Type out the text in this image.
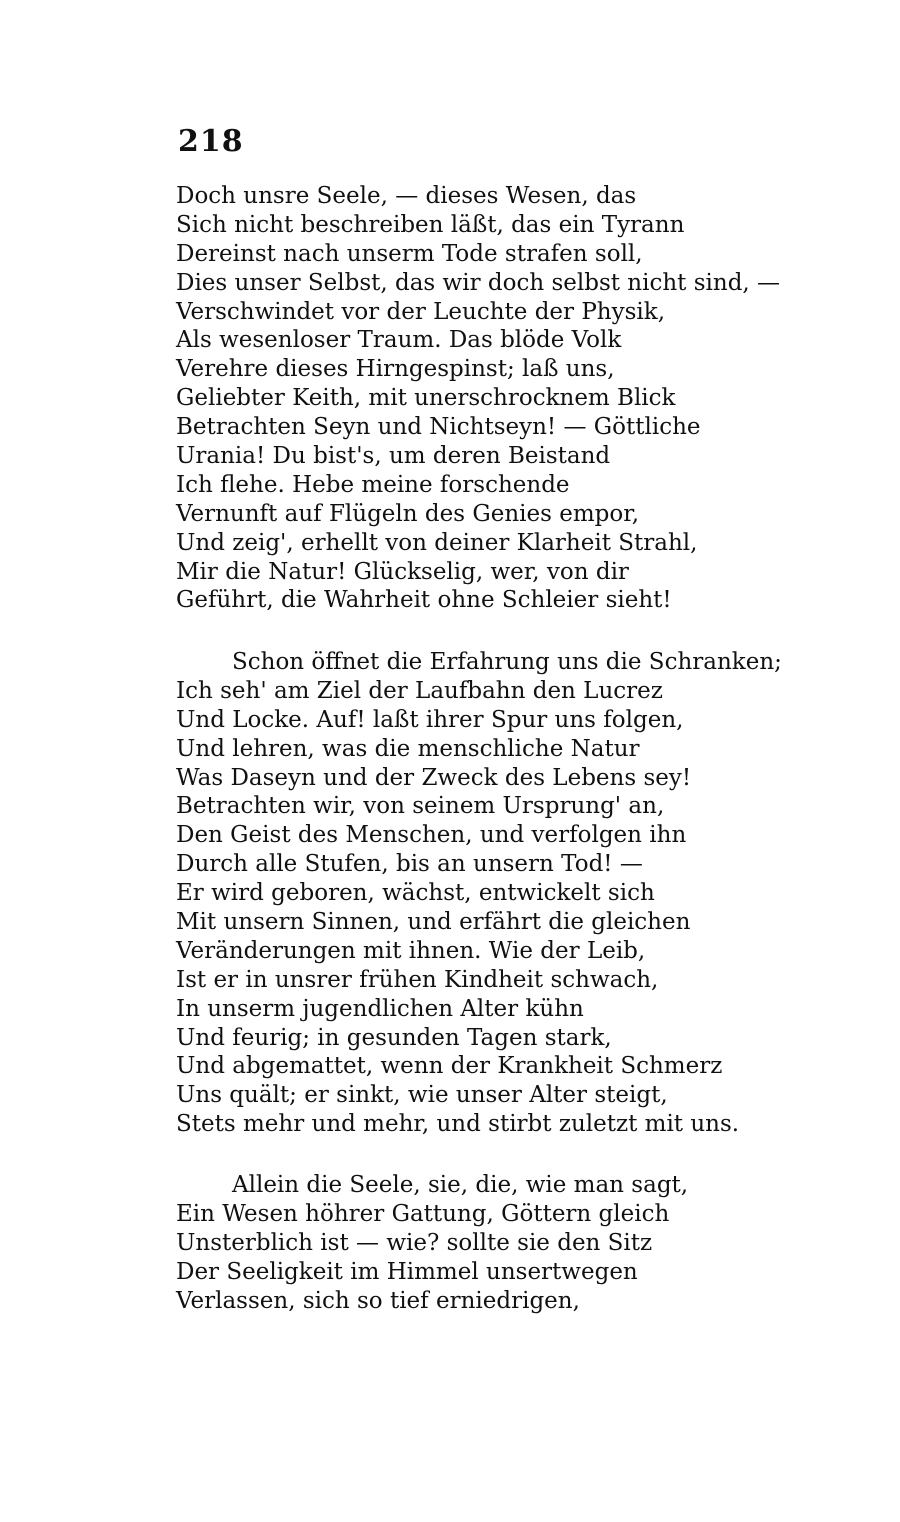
218
Doch unsre Seele, — dieses Wesen, das
Sich nicht beschreiben läßt, das ein Tyrann
Dereinst nach unserm Tode strafen soll,
Dies unser Selbst, das wir doch selbst nicht sind, —
Verschwindet vor der Leuchte der Physik,
Als wesenloser Traum. Das blöde Volk
Verehre dieses Hirngespinst; laß uns,
Geliebter Keith, mit unerschrocknem Blick
Betrachten Seyn und Nichtseyn! — Göttliche
Urania! Du bist's, um deren Beistand
Ich flehe. Hebe meine forschende
Vernunft auf Flügeln des Genies empor,
Und zeig', erhellt von deiner Klarheit Strahl,
Mir die Natur! Glückselig, wer, von dir
Geführt, die Wahrheit ohne Schleier sieht!
Schon öffnet die Erfahrung uns die Schranken;
Ich seh' am Ziel der Laufbahn den Lucrez
Und Locke. Auf! laßt ihrer Spur uns folgen,
Und lehren, was die menschliche Natur
Was Daseyn und der Zweck des Lebens sey!
Betrachten wir, von seinem Ursprung' an,
Den Geist des Menschen, und verfolgen ihn
Durch alle Stufen, bis an unsern Tod! —
Er wird geboren, wächst, entwickelt sich
Mit unsern Sinnen, und erfährt die gleichen
Veränderungen mit ihnen. Wie der Leib,
Ist er in unsrer frühen Kindheit schwach,
In unserm jugendlichen Alter kühn
Und feurig; in gesunden Tagen stark,
Und abgemattet, wenn der Krankheit Schmerz
Uns quält; er sinkt, wie unser Alter steigt,
Stets mehr und mehr, und stirbt zuletzt mit uns.
Allein die Seele, sie, die, wie man sagt,
Ein Wesen höhrer Gattung, Göttern gleich
Unsterblich ist — wie? sollte sie den Sitz
Der Seeligkeit im Himmel unsertwegen
Verlassen, sich so tief erniedrigen,
